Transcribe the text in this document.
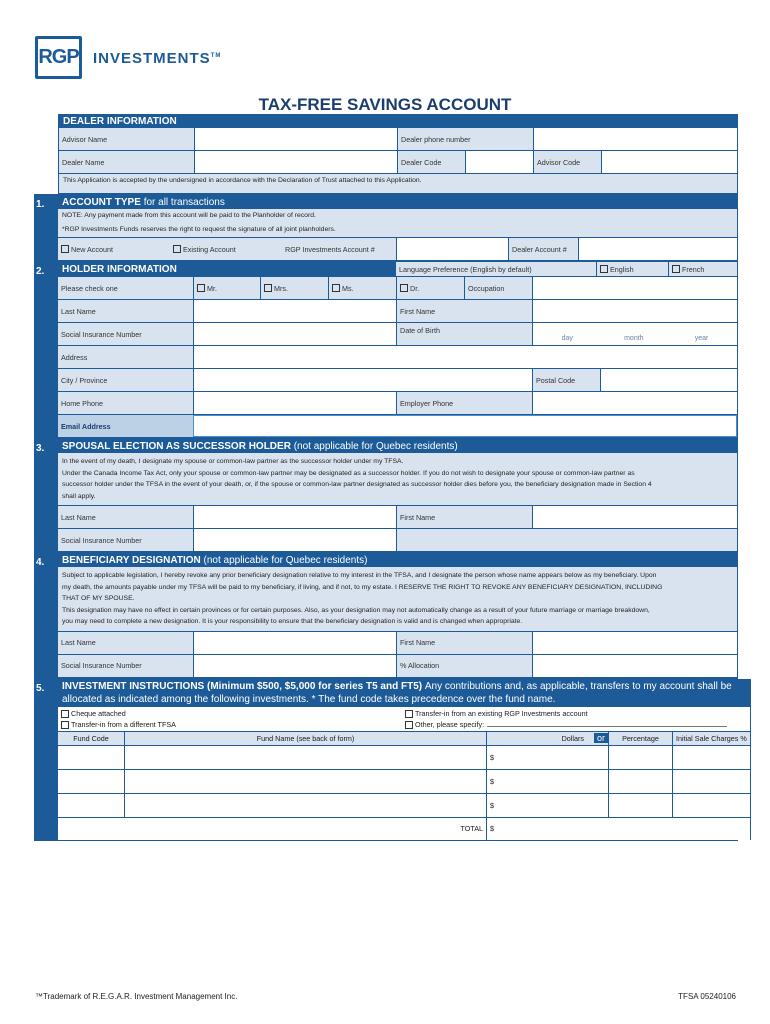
RGP INVESTMENTS™
TAX-FREE SAVINGS ACCOUNT
DEALER INFORMATION
Advisor Name	Dealer phone number
Dealer Name	Dealer Code	Advisor Code
This Application is accepted by the undersigned in accordance with the Declaration of Trust attached to this Application.
1.	ACCOUNT TYPE for all transactions
NOTE: Any payment made from this account will be paid to the Planholder of record.
*RGP Investments Funds reserves the right to request the signature of all joint planholders.
New Account	Existing Account	RGP Investments Account #	Dealer Account #
2.	HOLDER INFORMATION	Language Preference (English by default)	English	French
Please check one	Mr.	Mrs.	Ms.	Dr.	Occupation
Last Name	First Name
Social Insurance Number	Date of Birth
day	month	year
Address
City / Province	Postal Code
Home Phone	Employer Phone
Email Address
3.	SPOUSAL ELECTION AS SUCCESSOR HOLDER (not applicable for Quebec residents)
In the event of my death, I designate my spouse or common-law partner as the successor holder under my TFSA.
Under the Canada Income Tax Act, only your spouse or common-law partner may be designated as a successor holder. If you do not wish to designate your spouse or common-law partner as
successor holder under the TFSA in the event of your death, or, if the spouse or common-law partner designated as successor holder dies before you, the beneficiary designation made in Section 4
shall apply.
Last Name	First Name
Social Insurance Number
4.	BENEFICIARY DESIGNATION (not applicable for Quebec residents)
Subject to applicable legislation, I hereby revoke any prior beneficiary designation relative to my interest in the TFSA, and I designate the person whose name appears below as my beneficiary. Upon
my death, the amounts payable under my TFSA will be paid to my beneficiary, if living, and if not, to my estate. I RESERVE THE RIGHT TO REVOKE ANY BENEFICIARY DESIGNATION, INCLUDING
THAT OF MY SPOUSE.
This designation may have no effect in certain provinces or for certain purposes. Also, as your designation may not automatically change as a result of your future marriage or marriage breakdown,
you may need to complete a new designation. It is your responsibility to ensure that the beneficiary designation is valid and is changed when appropriate.
Last Name	First Name
Social Insurance Number	% Allocation
5.	INVESTMENT INSTRUCTIONS (Minimum $500, $5,000 for series T5 and FT5) Any contributions and, as applicable, transfers to my account shall be
allocated as indicated among the following investments. * The fund code takes precedence over the fund name.
Cheque attached
Transfer-in from a different TFSA
Transfer-in from an existing RGP Investments account
Other, please specify:
Fund Code	Fund Name (see back of form)	Dollars	or	Percentage	Initial Sale Charges %
$
$
$
TOTAL $
™Trademark of R.E.G.A.R. Investment Management Inc.	TFSA 05240106
